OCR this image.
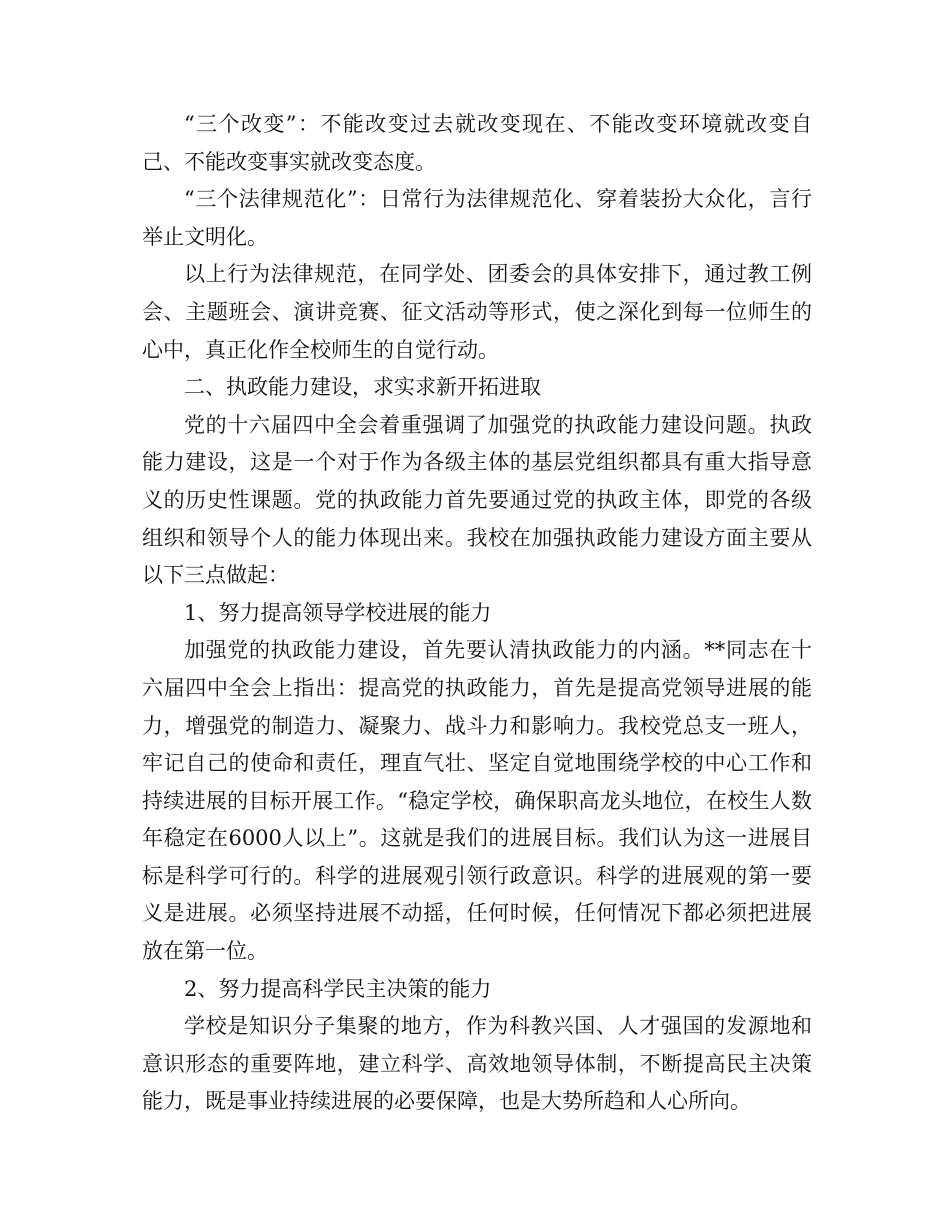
“三个改变”：不能改变过去就改变现在、不能改变环境就改变自己、不能改变事实就改变态度。

“三个法律规范化”：日常行为法律规范化、穿着装扮大众化，言行举止文明化。

以上行为法律规范，在同学处、团委会的具体安排下，通过教工例会、主题班会、演讲竞赛、征文活动等形式，使之深化到每一位师生的心中，真正化作全校师生的自觉行动。

二、执政能力建设，求实求新开拓进取

党的十六届四中全会着重强调了加强党的执政能力建设问题。执政能力建设，这是一个对于作为各级主体的基层党组织都具有重大指导意义的历史性课题。党的执政能力首先要通过党的执政主体，即党的各级组织和领导个人的能力体现出来。我校在加强执政能力建设方面主要从以下三点做起：

1、努力提高领导学校进展的能力

加强党的执政能力建设，首先要认清执政能力的内涵。**同志在十六届四中全会上指出：提高党的执政能力，首先是提高党领导进展的能力，增强党的制造力、凝聚力、战斗力和影响力。我校党总支一班人，牢记自己的使命和责任，理直气壮、坚定自觉地围绕学校的中心工作和持续进展的目标开展工作。“稳定学校，确保职高龙头地位，在校生人数年稳定在6000人以上”。这就是我们的进展目标。我们认为这一进展目标是科学可行的。科学的进展观引领行政意识。科学的进展观的第一要义是进展。必须坚持进展不动摇，任何时候，任何情况下都必须把进展放在第一位。

2、努力提高科学民主决策的能力

学校是知识分子集聚的地方，作为科教兴国、人才强国的发源地和意识形态的重要阵地，建立科学、高效地领导体制，不断提高民主决策能力，既是事业持续进展的必要保障，也是大势所趋和人心所向。
